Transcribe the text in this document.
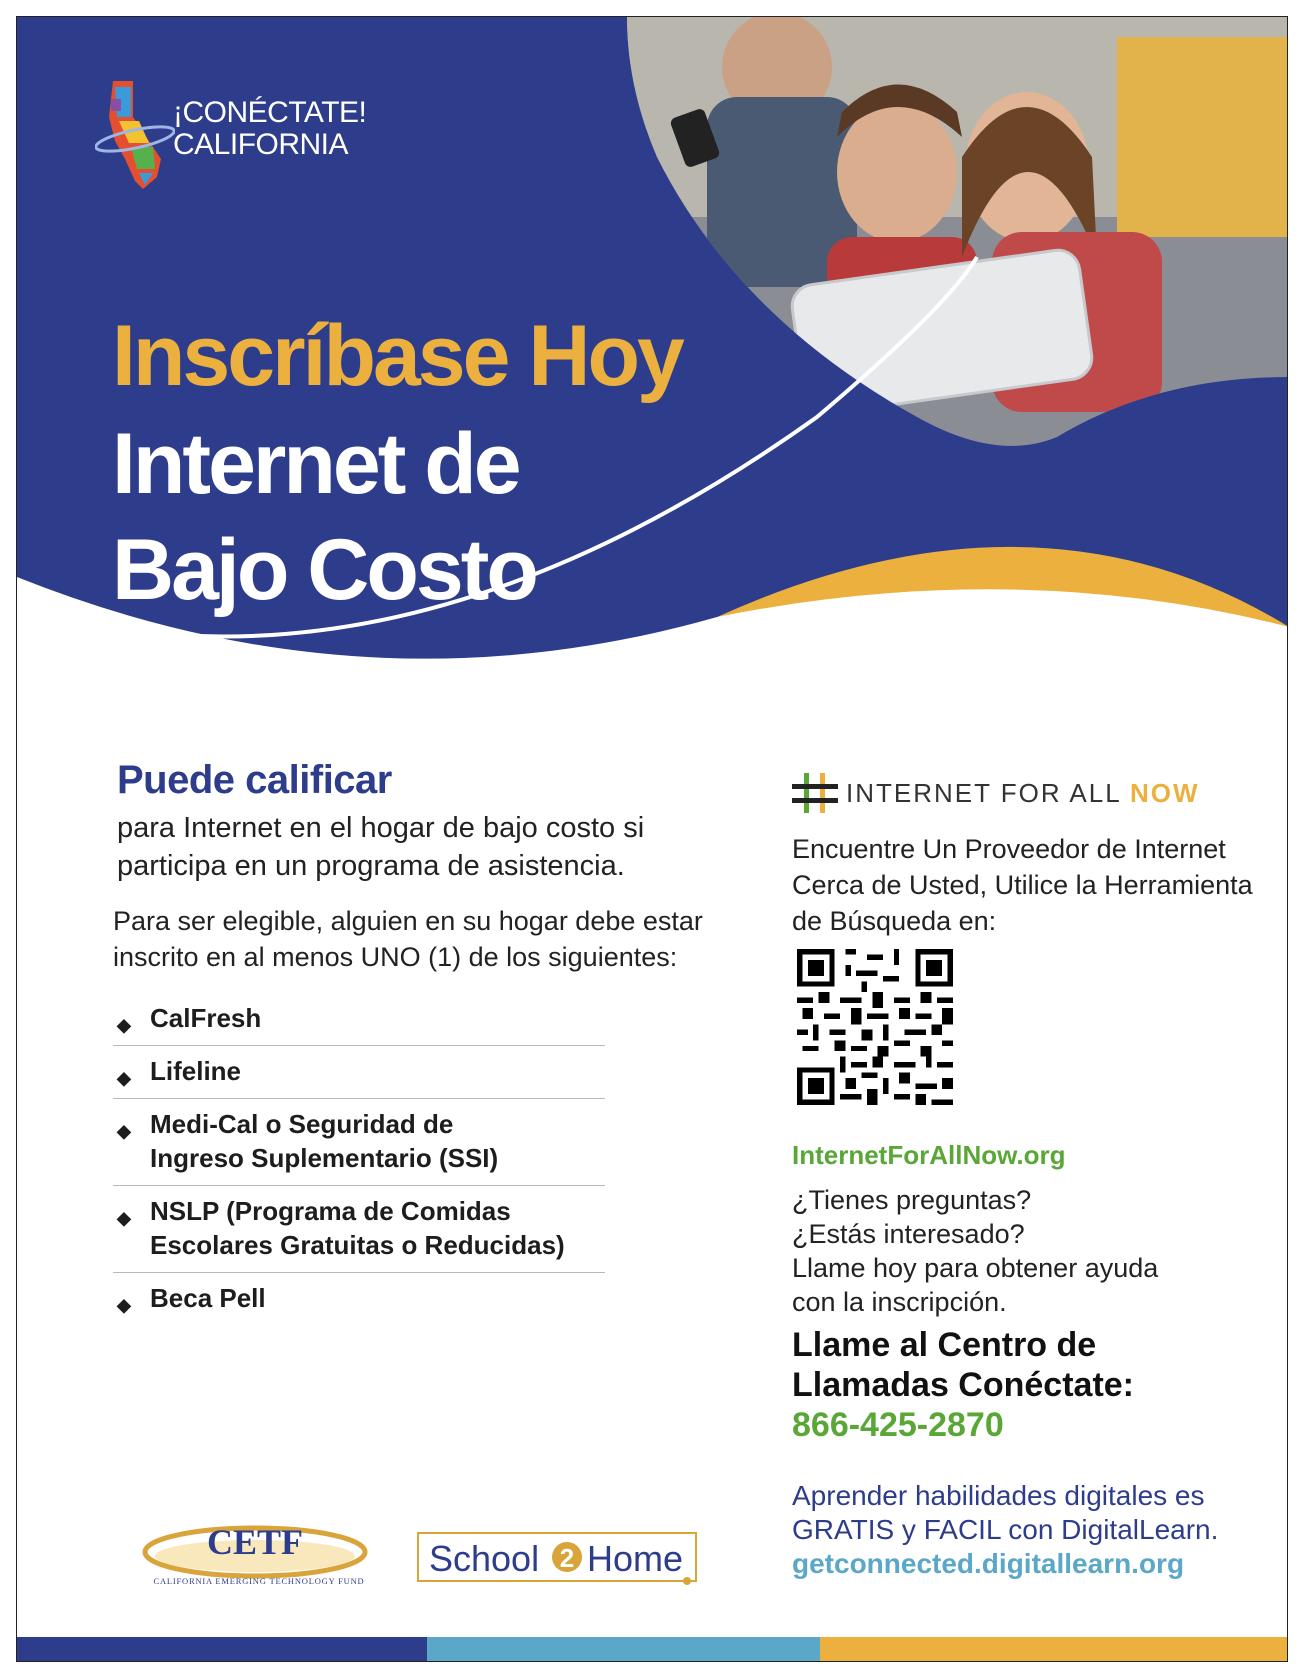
¡CONÉCTATE!
CALIFORNIA
Inscríbase Hoy
Internet de
Bajo Costo

Puede calificar

para Internet en el hogar de bajo costo si participa en un programa de asistencia.

Para ser elegible, alguien en su hogar debe estar inscrito en al menos UNO (1) de los siguientes:

◆ CalFresh
◆ Lifeline
◆ Medi-Cal o Seguridad de Ingreso Suplementario (SSI)
◆ NSLP (Programa de Comidas Escolares Gratuitas o Reducidas)
◆ Beca Pell
INTERNET FOR ALL NOW

Encuentre Un Proveedor de Internet Cerca de Usted, Utilice la Herramienta de Búsqueda en:

InternetForAllNow.org

¿Tienes preguntas?
¿Estás interesado?
Llame hoy para obtener ayuda
con la inscripción.
Llame al Centro de
Llamadas Conéctate:

866-425-2870

Aprender habilidades digitales es
GRATIS y FACIL con DigitalLearn.

getconnected.digitallearn.org

CETF
CALIFORNIA EMERGING TECHNOLOGY FUND
School 2 Home
